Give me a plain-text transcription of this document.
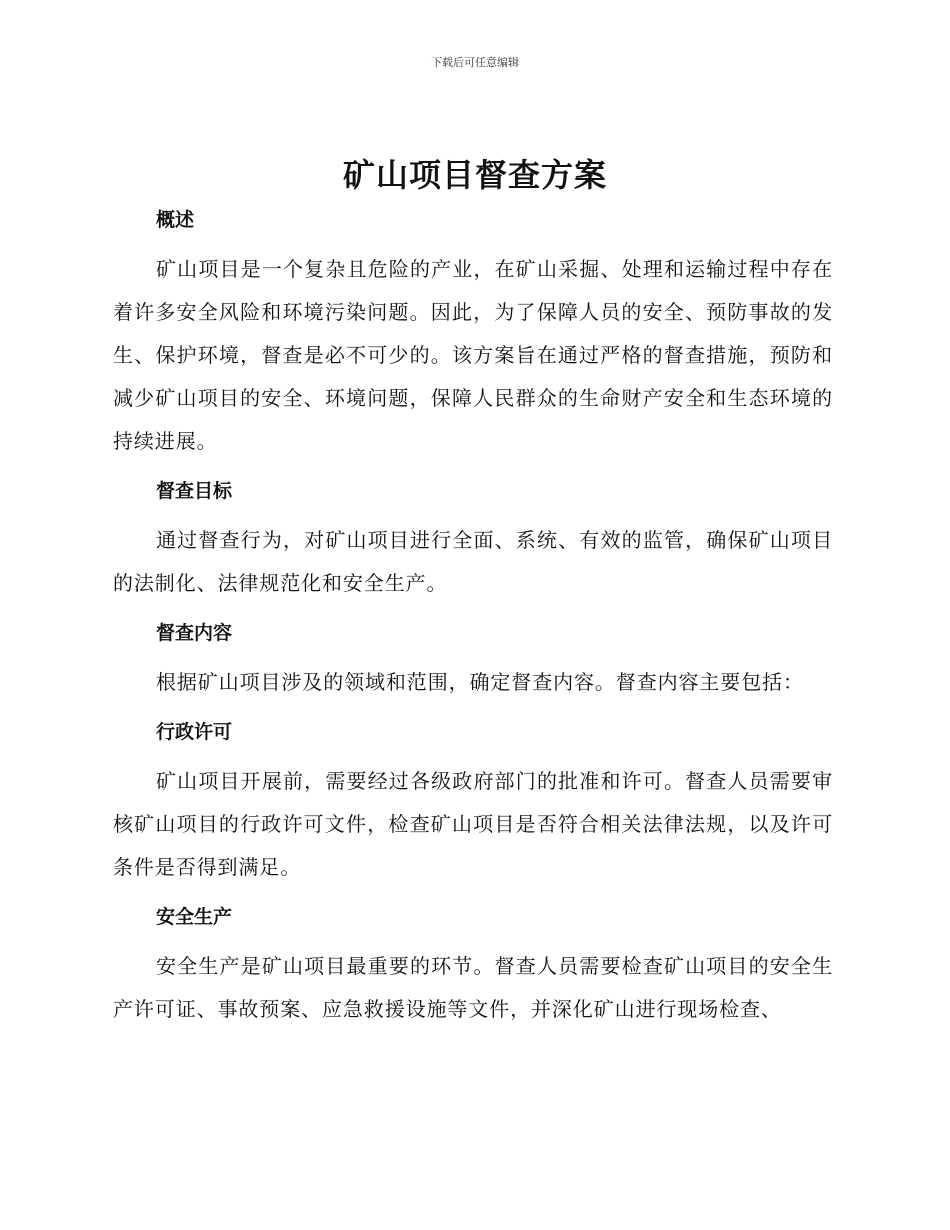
下载后可任意编辑
矿山项目督查方案
概述

矿山项目是一个复杂且危险的产业，在矿山采掘、处理和运输过程中存在着许多安全风险和环境污染问题。因此，为了保障人员的安全、预防事故的发生、保护环境，督查是必不可少的。该方案旨在通过严格的督查措施，预防和减少矿山项目的安全、环境问题，保障人民群众的生命财产安全和生态环境的持续进展。

督查目标

通过督查行为，对矿山项目进行全面、系统、有效的监管，确保矿山项目的法制化、法律规范化和安全生产。

督查内容

根据矿山项目涉及的领域和范围，确定督查内容。督查内容主要包括：

行政许可

矿山项目开展前，需要经过各级政府部门的批准和许可。督查人员需要审核矿山项目的行政许可文件，检查矿山项目是否符合相关法律法规，以及许可条件是否得到满足。

安全生产

安全生产是矿山项目最重要的环节。督查人员需要检查矿山项目的安全生产许可证、事故预案、应急救援设施等文件，并深化矿山进行现场检查、
